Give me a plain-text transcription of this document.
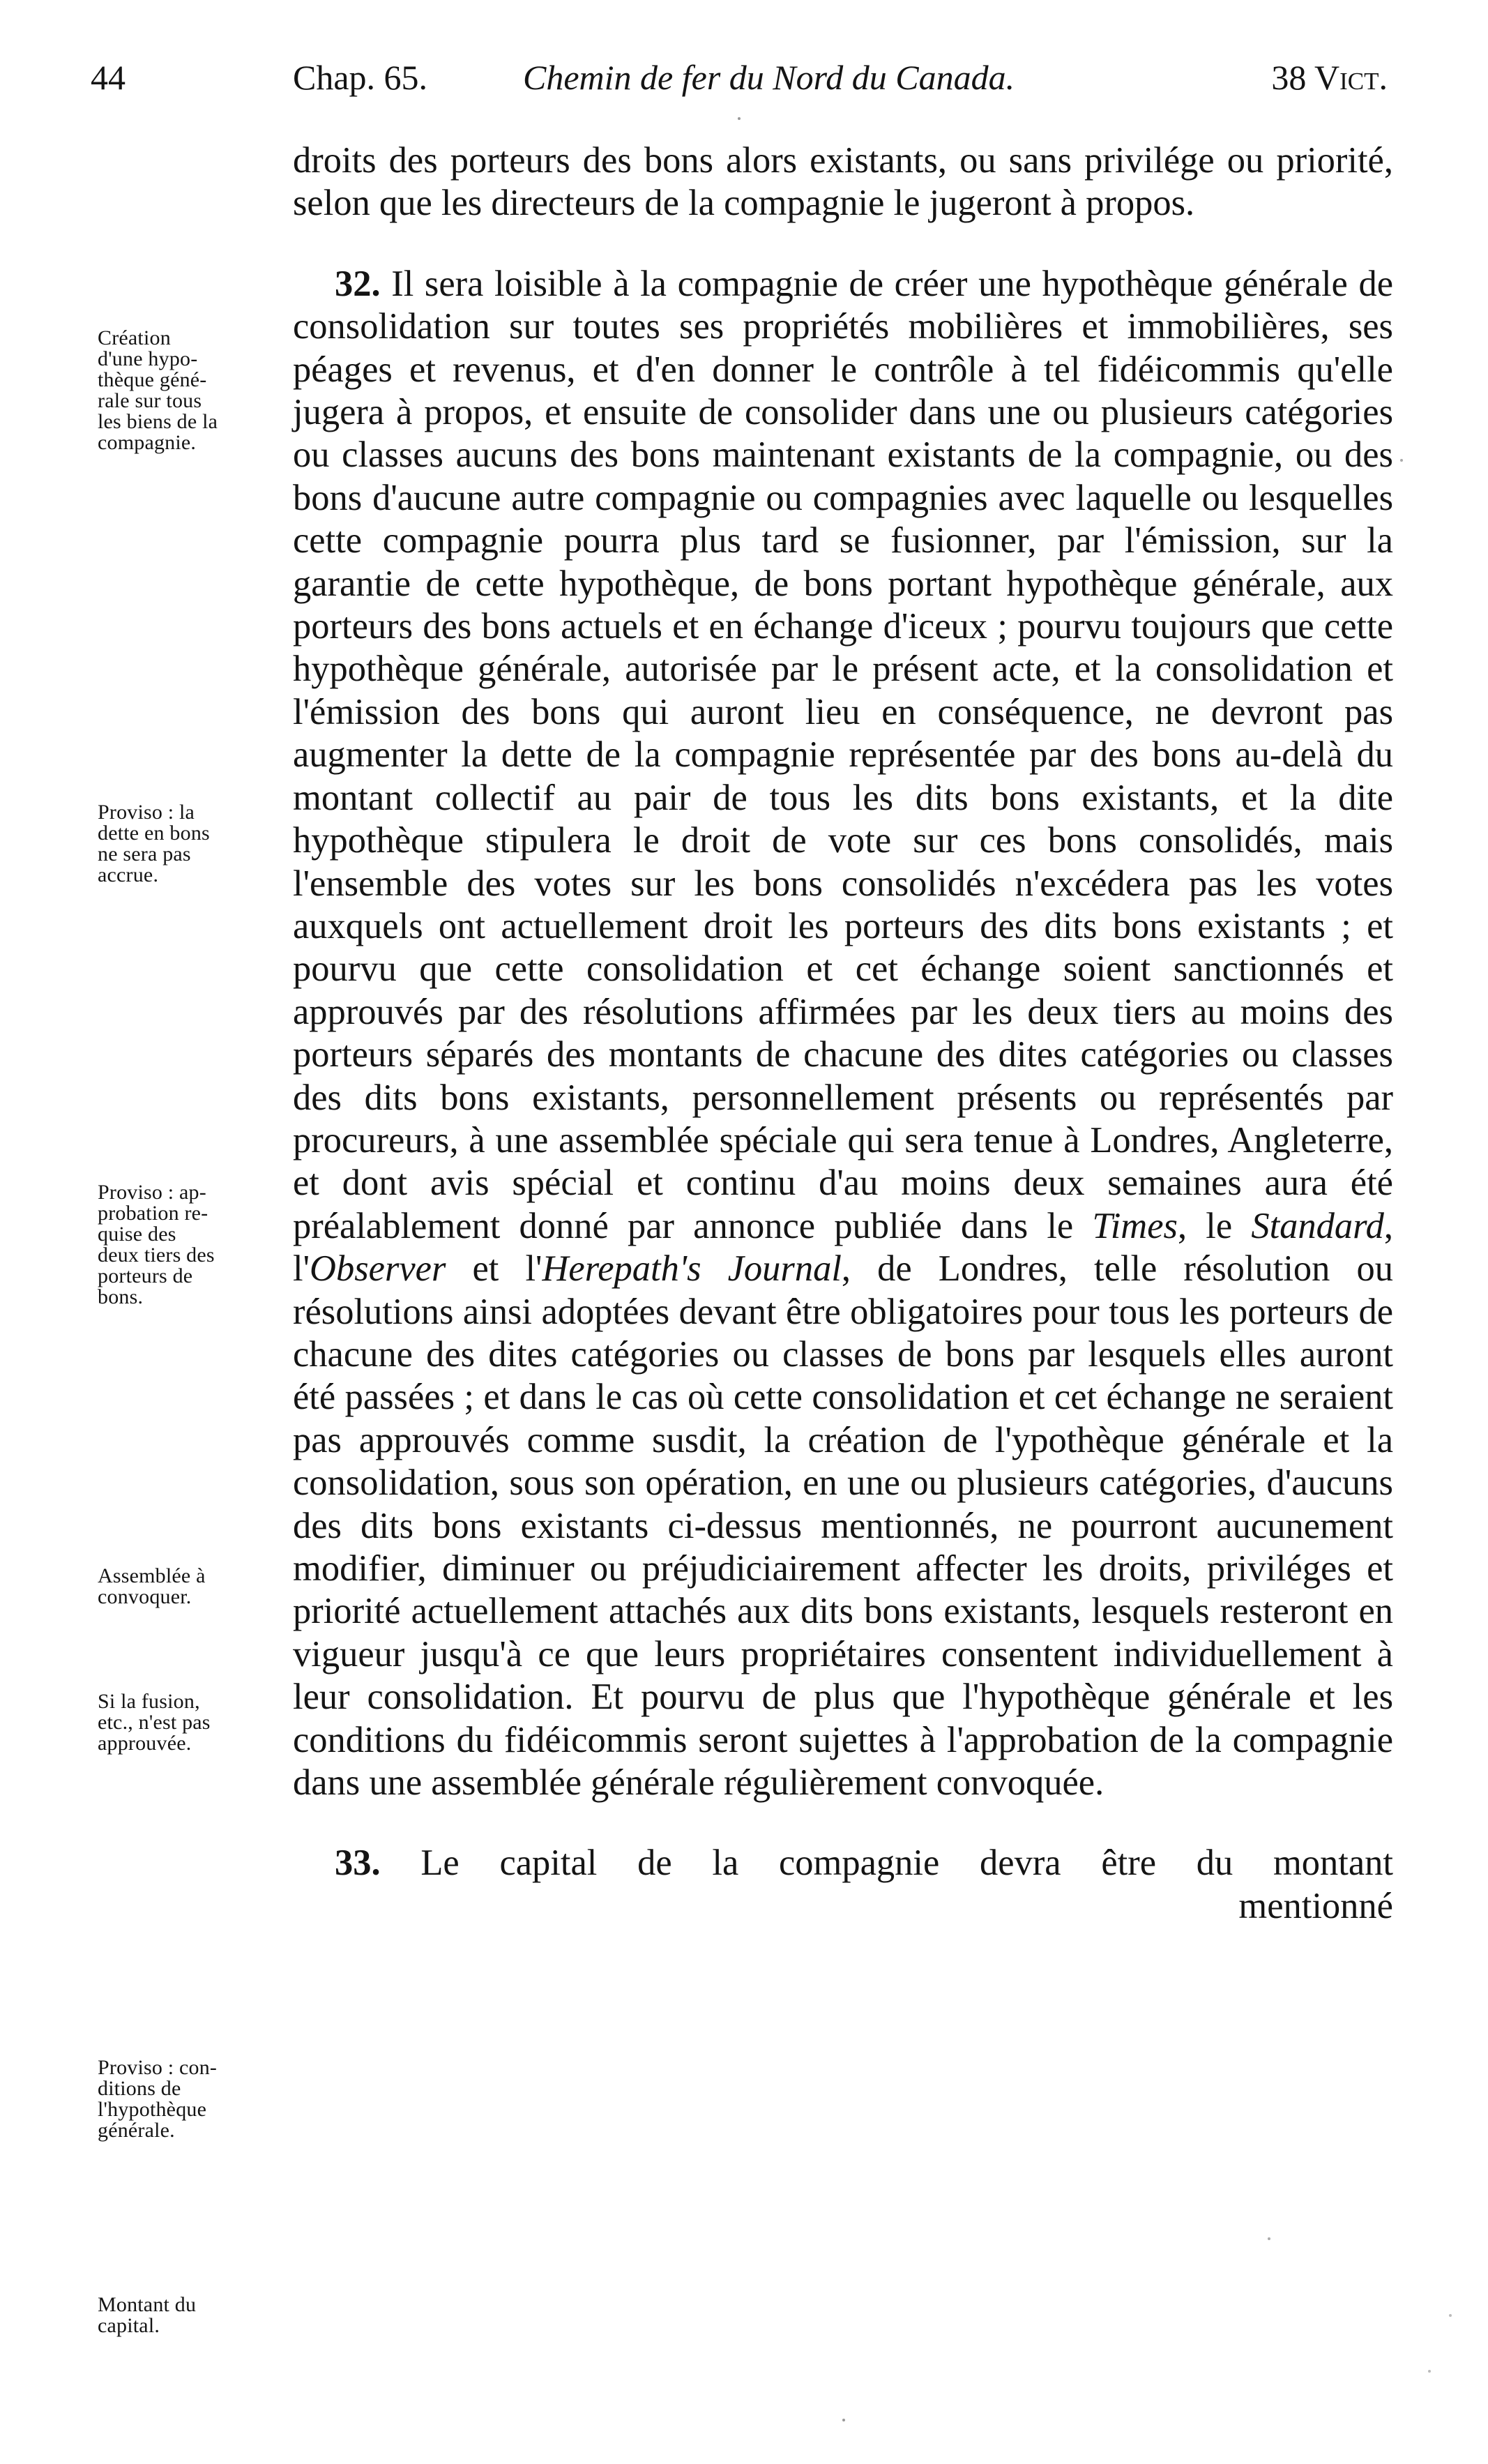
44	Chap. 65.	Chemin de fer du Nord du Canada.	38 Vict.
Création
d'une hypo-
thèque géné-
rale sur tous
les biens de la
compagnie.
Proviso : la
dette en bons
ne sera pas
accrue.
Proviso : ap-
probation re-
quise des
deux tiers des
porteurs de
bons.
Assemblée à
convoquer.
Si la fusion,
etc., n'est pas
approuvée.
Proviso : con-
ditions de
l'hypothèque
générale.
Montant du
capital.

droits des porteurs des bons alors existants, ou sans privilége ou priorité, selon que les directeurs de la compagnie le jugeront à propos.

32. Il sera loisible à la compagnie de créer une hypothèque générale de consolidation sur toutes ses propriétés mobilières et immobilières, ses péages et revenus, et d'en donner le contrôle à tel fidéicommis qu'elle jugera à propos, et ensuite de consolider dans une ou plusieurs catégories ou classes aucuns des bons maintenant existants de la compagnie, ou des bons d'aucune autre compagnie ou compagnies avec laquelle ou lesquelles cette compagnie pourra plus tard se fusionner, par l'émission, sur la garantie de cette hypothèque, de bons portant hypothèque générale, aux porteurs des bons actuels et en échange d'iceux ; pourvu toujours que cette hypothèque générale, autorisée par le présent acte, et la consolidation et l'émission des bons qui auront lieu en conséquence, ne devront pas augmenter la dette de la compagnie représentée par des bons au-delà du montant collectif au pair de tous les dits bons existants, et la dite hypothèque stipulera le droit de vote sur ces bons consolidés, mais l'ensemble des votes sur les bons consolidés n'excédera pas les votes auxquels ont actuellement droit les porteurs des dits bons existants ; et pourvu que cette consolidation et cet échange soient sanctionnés et approuvés par des résolutions affirmées par les deux tiers au moins des porteurs séparés des montants de chacune des dites catégories ou classes des dits bons existants, personnellement présents ou représentés par procureurs, à une assemblée spéciale qui sera tenue à Londres, Angleterre, et dont avis spécial et continu d'au moins deux semaines aura été préalablement donné par annonce publiée dans le Times, le Standard, l'Observer et l'Herepath's Journal, de Londres, telle résolution ou résolutions ainsi adoptées devant être obligatoires pour tous les porteurs de chacune des dites catégories ou classes de bons par lesquels elles auront été passées ; et dans le cas où cette consolidation et cet échange ne seraient pas approuvés comme susdit, la création de l'ypothèque générale et la consolidation, sous son opération, en une ou plusieurs catégories, d'aucuns des dits bons existants ci-dessus mentionnés, ne pourront aucunement modifier, diminuer ou préjudiciairement affecter les droits, priviléges et priorité actuellement attachés aux dits bons existants, lesquels resteront en vigueur jusqu'à ce que leurs propriétaires consentent individuellement à leur consolidation. Et pourvu de plus que l'hypothèque générale et les conditions du fidéicommis seront sujettes à l'approbation de la compagnie dans une assemblée générale régulièrement convoquée.

33. Le capital de la compagnie devra être du montant

mentionné
